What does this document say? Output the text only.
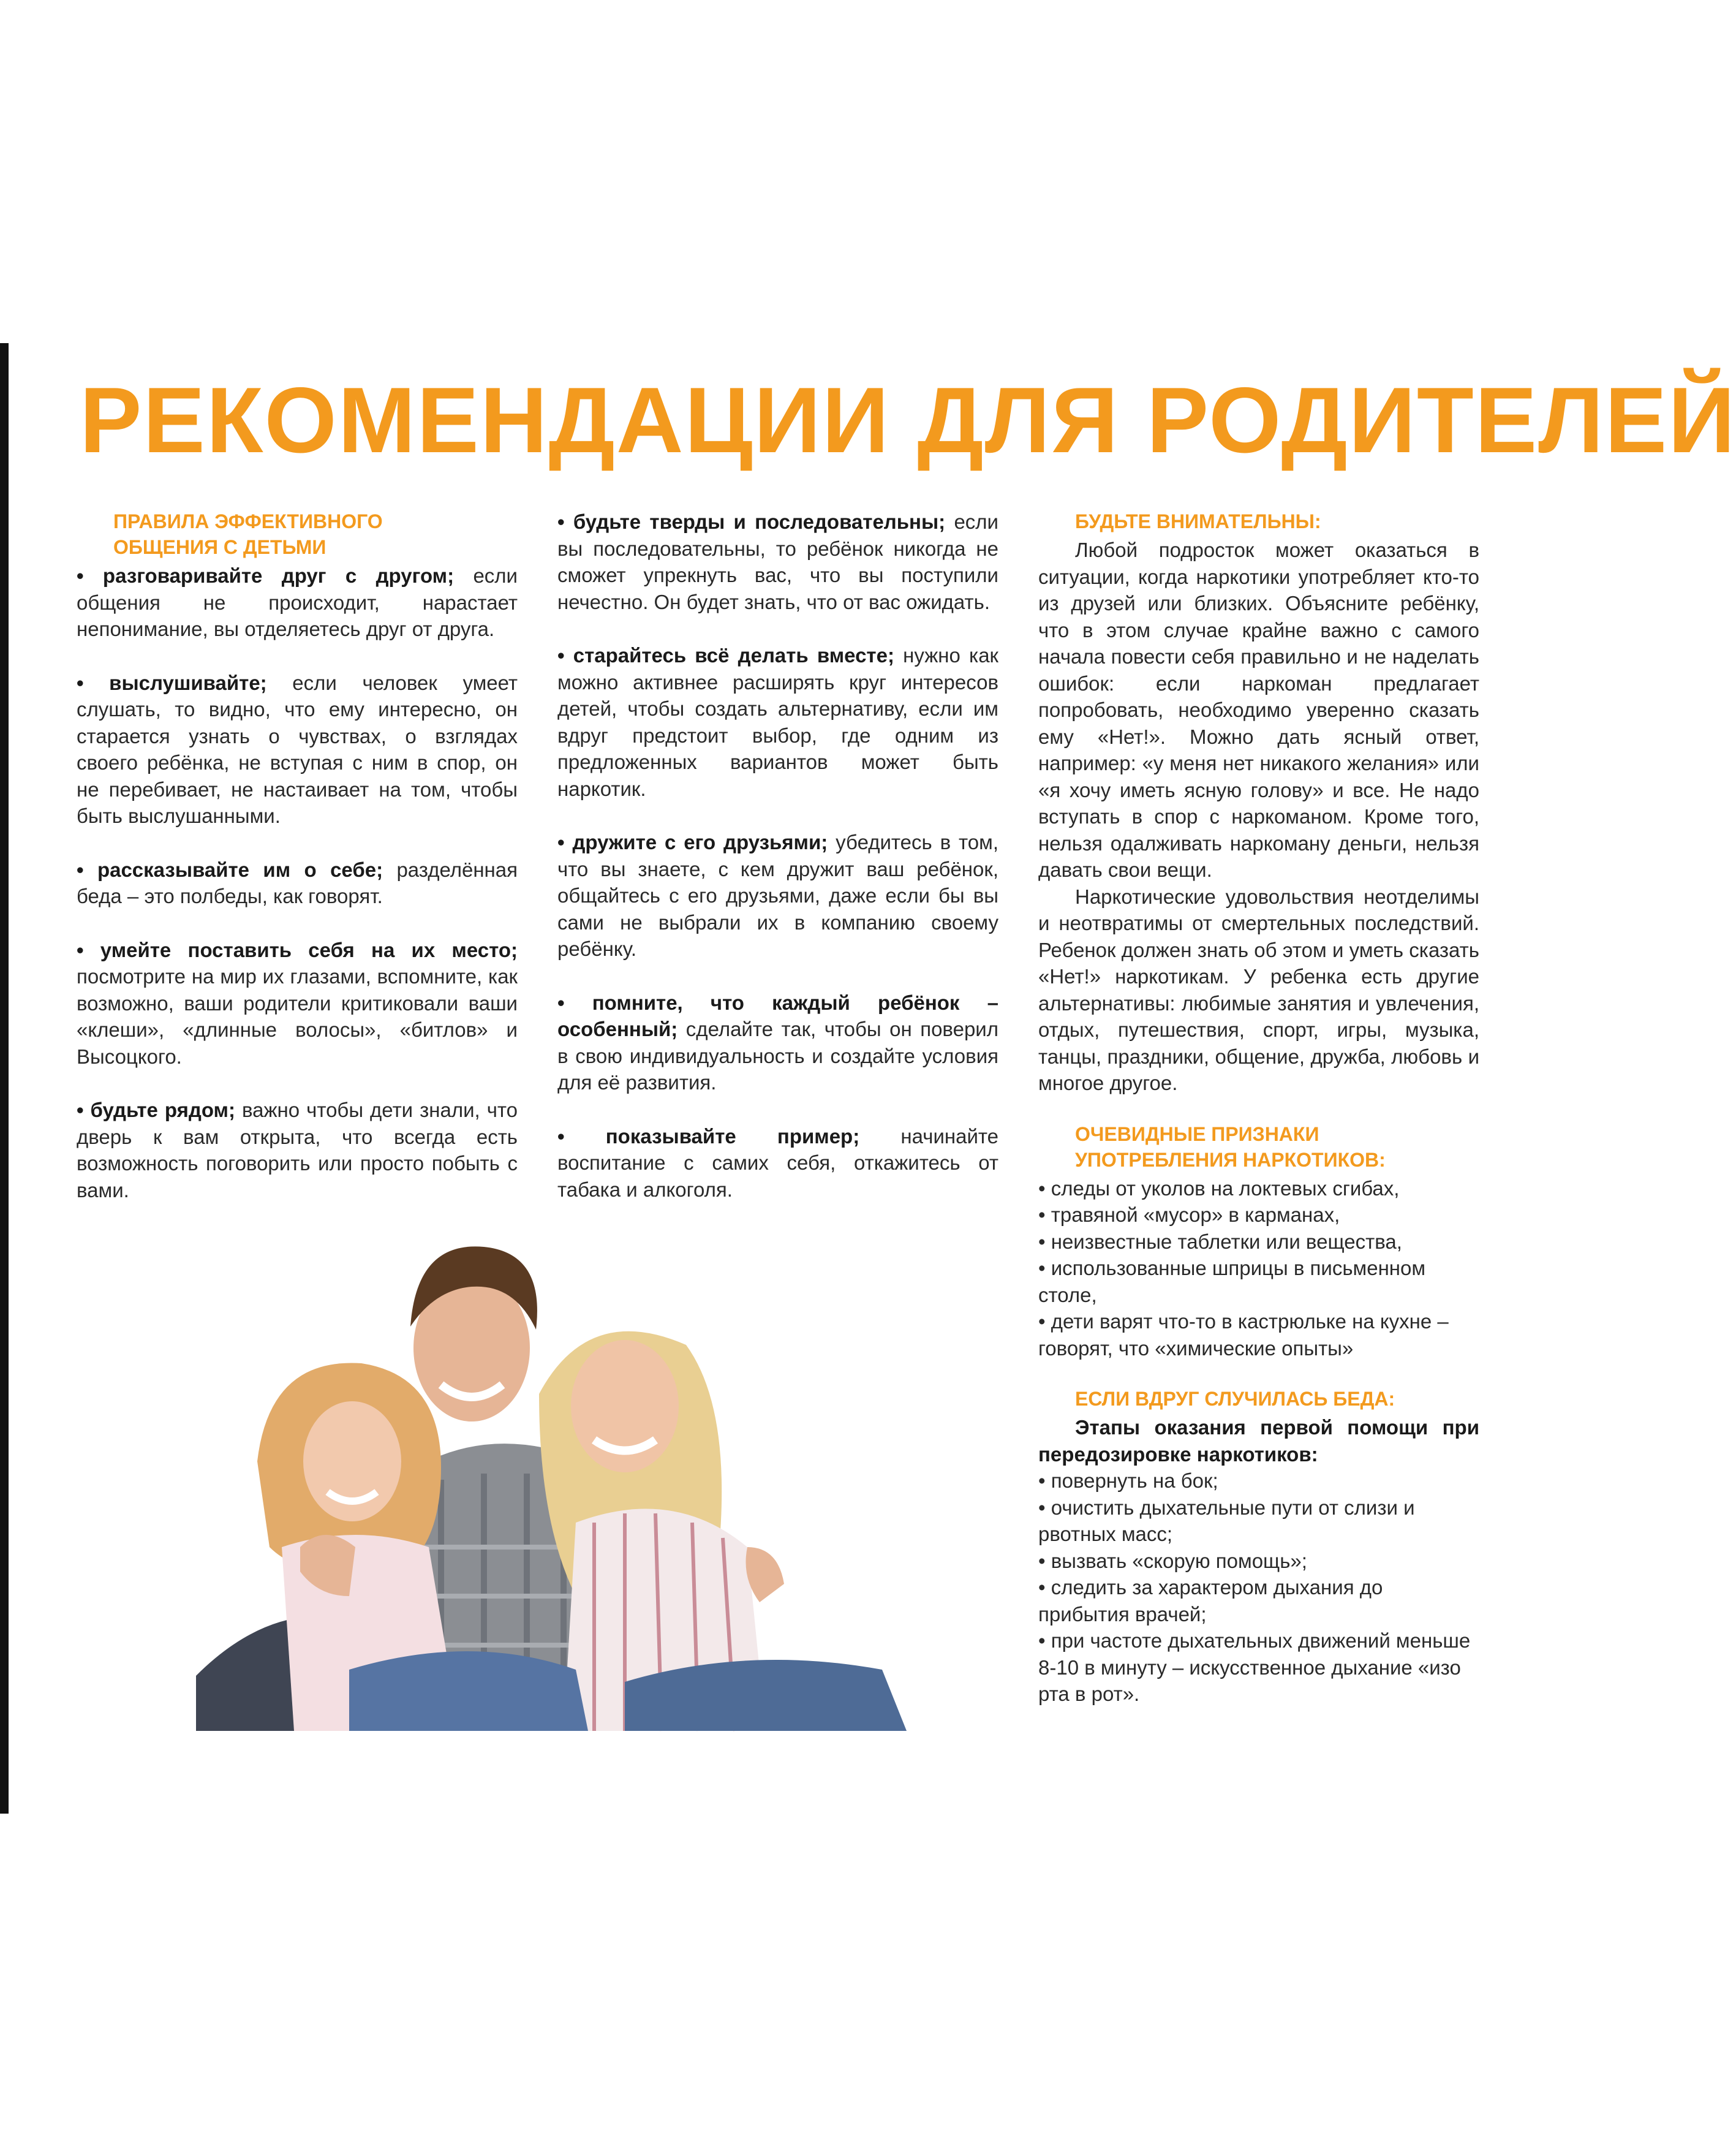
РЕКОМЕНДАЦИИ ДЛЯ РОДИТЕЛЕЙ
ПРАВИЛА ЭФФЕКТИВНОГО
ОБЩЕНИЯ С ДЕТЬМИ
• разговаривайте друг с другом; если общения не происходит, нарастает непонимание, вы отделяетесь друг от друга.
• выслушивайте; если человек умеет слушать, то видно, что ему интересно, он старается узнать о чувствах, о взглядах своего ребёнка, не вступая с ним в спор, он не перебивает, не настаивает на том, чтобы быть выслушанными.
• рассказывайте им о себе; разделённая беда – это полбеды, как говорят.
• умейте поставить себя на их место; посмотрите на мир их глазами, вспомните, как возможно, ваши родители критиковали ваши «клеши», «длинные волосы», «битлов» и Высоцкого.
• будьте рядом; важно чтобы дети знали, что дверь к вам открыта, что всегда есть возможность поговорить или просто побыть с вами.
• будьте тверды и последовательны; если вы последовательны, то ребёнок никогда не сможет упрекнуть вас, что вы поступили нечестно. Он будет знать, что от вас ожидать.
• старайтесь всё делать вместе; нужно как можно активнее расширять круг интересов детей, чтобы создать альтернативу, если им вдруг предстоит выбор, где одним из предложенных вариантов может быть наркотик.
• дружите с его друзьями; убедитесь в том, что вы знаете, с кем дружит ваш ребёнок, общайтесь с его друзьями, даже если бы вы сами не выбрали их в компанию своему ребёнку.
• помните, что каждый ребёнок – особенный; сделайте так, чтобы он поверил в свою индивидуальность и создайте условия для её развития.
• показывайте пример; начинайте воспитание с самих себя, откажитесь от табака и алкоголя.
БУДЬТЕ ВНИМАТЕЛЬНЫ:

Любой подросток может оказаться в ситуации, когда наркотики употребляет кто-то из друзей или близких. Объясните ребёнку, что в этом случае крайне важно с самого начала повести себя правильно и не наделать ошибок: если наркоман предлагает попробовать, необходимо уверенно сказать ему «Нет!». Можно дать ясный ответ, например: «у меня нет никакого желания» или «я хочу иметь ясную голову» и все. Не надо вступать в спор с наркоманом. Кроме того, нельзя одалживать наркоману деньги, нельзя давать свои вещи.

Наркотические удовольствия неотделимы и неотвратимы от смертельных последствий. Ребенок должен знать об этом и уметь сказать «Нет!» наркотикам. У ребенка есть другие альтернативы: любимые занятия и увлечения, отдых, путешествия, спорт, игры, музыка, танцы, праздники, общение, дружба, любовь и многое другое.

ОЧЕВИДНЫЕ ПРИЗНАКИ
УПОТРЕБЛЕНИЯ НАРКОТИКОВ:
• следы от уколов на локтевых сгибах,
• травяной «мусор» в карманах,
• неизвестные таблетки или вещества,
• использованные шприцы в письменном столе,
• дети варят что-то в кастрюльке на кухне – говорят, что «химические опыты»
ЕСЛИ ВДРУГ СЛУЧИЛАСЬ БЕДА:

Этапы оказания первой помощи при передозировке наркотиков:

• повернуть на бок;
• очистить дыхательные пути от слизи и рвотных масс;
• вызвать «скорую помощь»;
• следить за характером дыхания до прибытия врачей;
• при частоте дыхательных движений меньше 8-10 в минуту – искусственное дыхание «изо рта в рот».
